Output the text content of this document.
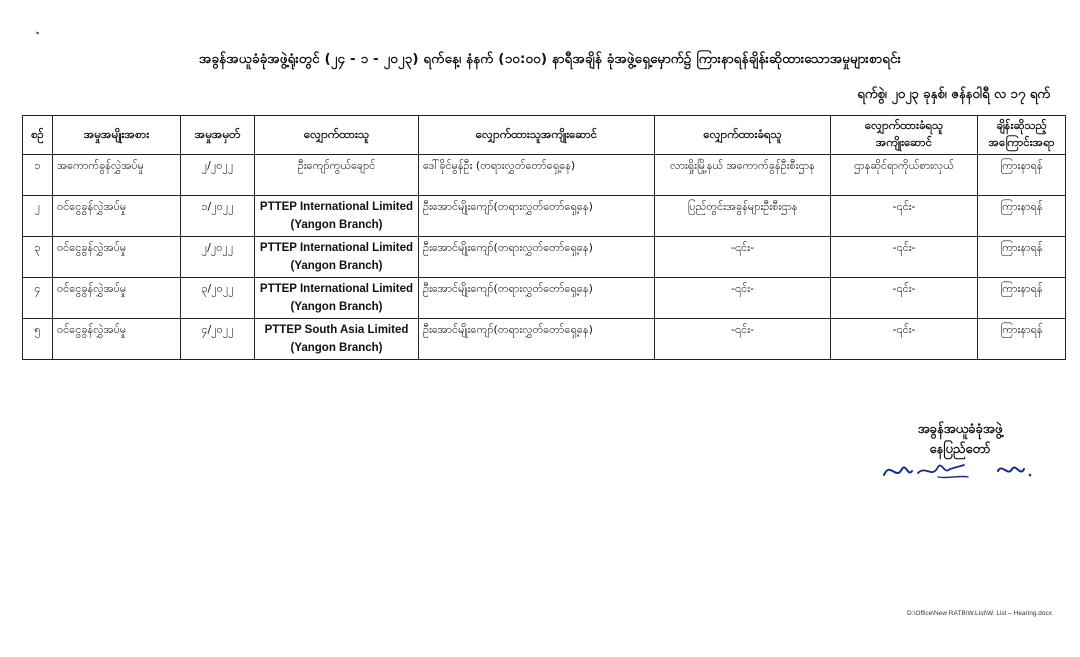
အခွန်အယူခံခုံအဖွဲ့ရုံးတွင် (၂၄ - ၁ - ၂၀၂၃) ရက်နေ့၊ နံနက် (၁၀:၀၀) နာရီအချိန် ခုံအဖွဲ့ရှေ့မှောက်၌ ကြားနာရန်ချိန်းဆိုထားသောအမှုများစာရင်း
ရက်စွဲ၊ ၂၀၂၃ ခုနှစ်၊ ဇန်နဝါရီ လ ၁၇ ရက်
စဉ်	အမှုအမျိုးအစား	အမှုအမှတ်	လျှောက်ထားသူ	လျှောက်ထားသူအကျိုးဆောင်	လျှောက်ထားခံရသူ	လျှောက်ထားခံရသူ အကျိုးဆောင်	ချိန်းဆိုသည့် အကြောင်းအရာ
၁	အကောက်ခွန်လွှဲအပ်မှု	၂/၂၀၂၂	ဦးကျော်ကွယ်ချောင်	ဒေါ်ခိုင်မွန်ဦး (တရားလွှတ်တော်ရှေ့နေ)	လားရှိုးမြို့နယ် အကောက်ခွန်ဦးစီးဌာန	ဌာနဆိုင်ရာကိုယ်စားလှယ်	ကြားနာရန်
၂	ဝင်ငွေခွန်လွှဲအပ်မှု	၁/၂၀၂၂	PTTEP International Limited (Yangon Branch)	ဦးအောင်မျိုးကျော်(တရားလွှတ်တော်ရှေ့နေ)	ပြည်တွင်းအခွန်များဦးစီးဌာန	-၎င်း-	ကြားနာရန်
၃	ဝင်ငွေခွန်လွှဲအပ်မှု	၂/၂၀၂၂	PTTEP International Limited (Yangon Branch)	ဦးအောင်မျိုးကျော်(တရားလွှတ်တော်ရှေ့နေ)	-၎င်း-	-၎င်း-	ကြားနာရန်
၄	ဝင်ငွေခွန်လွှဲအပ်မှု	၃/၂၀၂၂	PTTEP International Limited (Yangon Branch)	ဦးအောင်မျိုးကျော်(တရားလွှတ်တော်ရှေ့နေ)	-၎င်း-	-၎င်း-	ကြားနာရန်
၅	ဝင်ငွေခွန်လွှဲအပ်မှု	၄/၂၀၂၂	PTTEP South Asia Limited (Yangon Branch)	ဦးအောင်မျိုးကျော်(တရားလွှတ်တော်ရှေ့နေ)	-၎င်း-	-၎င်း-	ကြားနာရန်
အခွန်အယူခံခုံအဖွဲ့
နေပြည်တော်
D:\Office\New RATB\W.List\W. List – Hearing.docx
